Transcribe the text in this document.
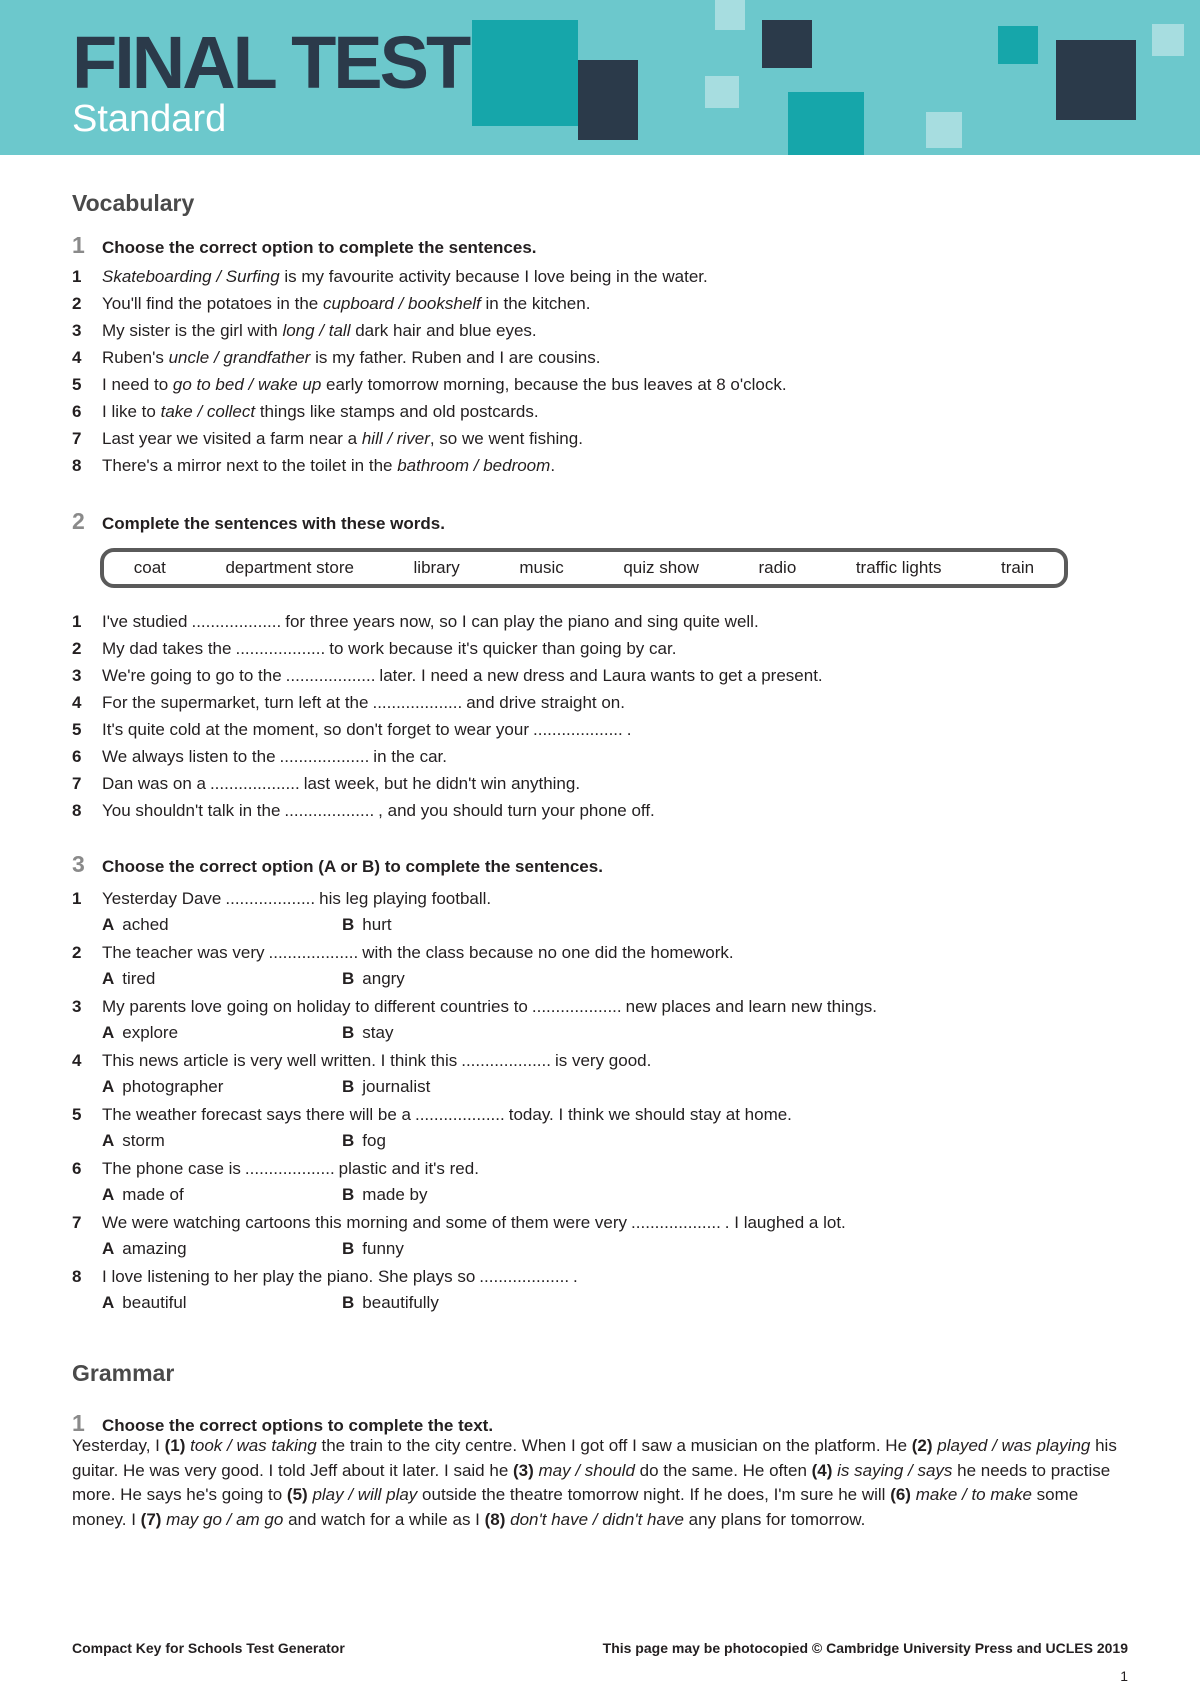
FINAL TEST
Standard
Vocabulary
1	Choose the correct option to complete the sentences.
1	Skateboarding / Surfing is my favourite activity because I love being in the water.
2	You'll find the potatoes in the cupboard / bookshelf in the kitchen.
3	My sister is the girl with long / tall dark hair and blue eyes.
4	Ruben's uncle / grandfather is my father. Ruben and I are cousins.
5	I need to go to bed / wake up early tomorrow morning, because the bus leaves at 8 o'clock.
6	I like to take / collect things like stamps and old postcards.
7	Last year we visited a farm near a hill / river, so we went fishing.
8	There's a mirror next to the toilet in the bathroom / bedroom.
2	Complete the sentences with these words.
coat	department store	library	music	quiz show	radio	traffic lights	train
1	I've studied ................... for three years now, so I can play the piano and sing quite well.
2	My dad takes the ................... to work because it's quicker than going by car.
3	We're going to go to the ................... later. I need a new dress and Laura wants to get a present.
4	For the supermarket, turn left at the ................... and drive straight on.
5	It's quite cold at the moment, so don't forget to wear your ................... .
6	We always listen to the ................... in the car.
7	Dan was on a ................... last week, but he didn't win anything.
8	You shouldn't talk in the ................... , and you should turn your phone off.
3	Choose the correct option (A or B) to complete the sentences.
1	Yesterday Dave ................... his leg playing football.
A ached	B hurt
2	The teacher was very ................... with the class because no one did the homework.
A tired	B angry
3	My parents love going on holiday to different countries to ................... new places and learn new things.
A explore	B stay
4	This news article is very well written. I think this ................... is very good.
A photographer	B journalist
5	The weather forecast says there will be a ................... today. I think we should stay at home.
A storm	B fog
6	The phone case is ................... plastic and it's red.
A made of	B made by
7	We were watching cartoons this morning and some of them were very ................... . I laughed a lot.
A amazing	B funny
8	I love listening to her play the piano. She plays so ................... .
A beautiful	B beautifully
Grammar
1	Choose the correct options to complete the text.
Yesterday, I (1) took / was taking the train to the city centre. When I got off I saw a musician on the platform. He (2) played / was playing his guitar. He was very good. I told Jeff about it later. I said he (3) may / should do the same. He often (4) is saying / says he needs to practise more. He says he's going to (5) play / will play outside the theatre tomorrow night. If he does, I'm sure he will (6) make / to make some money. I (7) may go / am go and watch for a while as I (8) don't have / didn't have any plans for tomorrow.
Compact Key for Schools Test Generator	This page may be photocopied © Cambridge University Press and UCLES 2019
1
